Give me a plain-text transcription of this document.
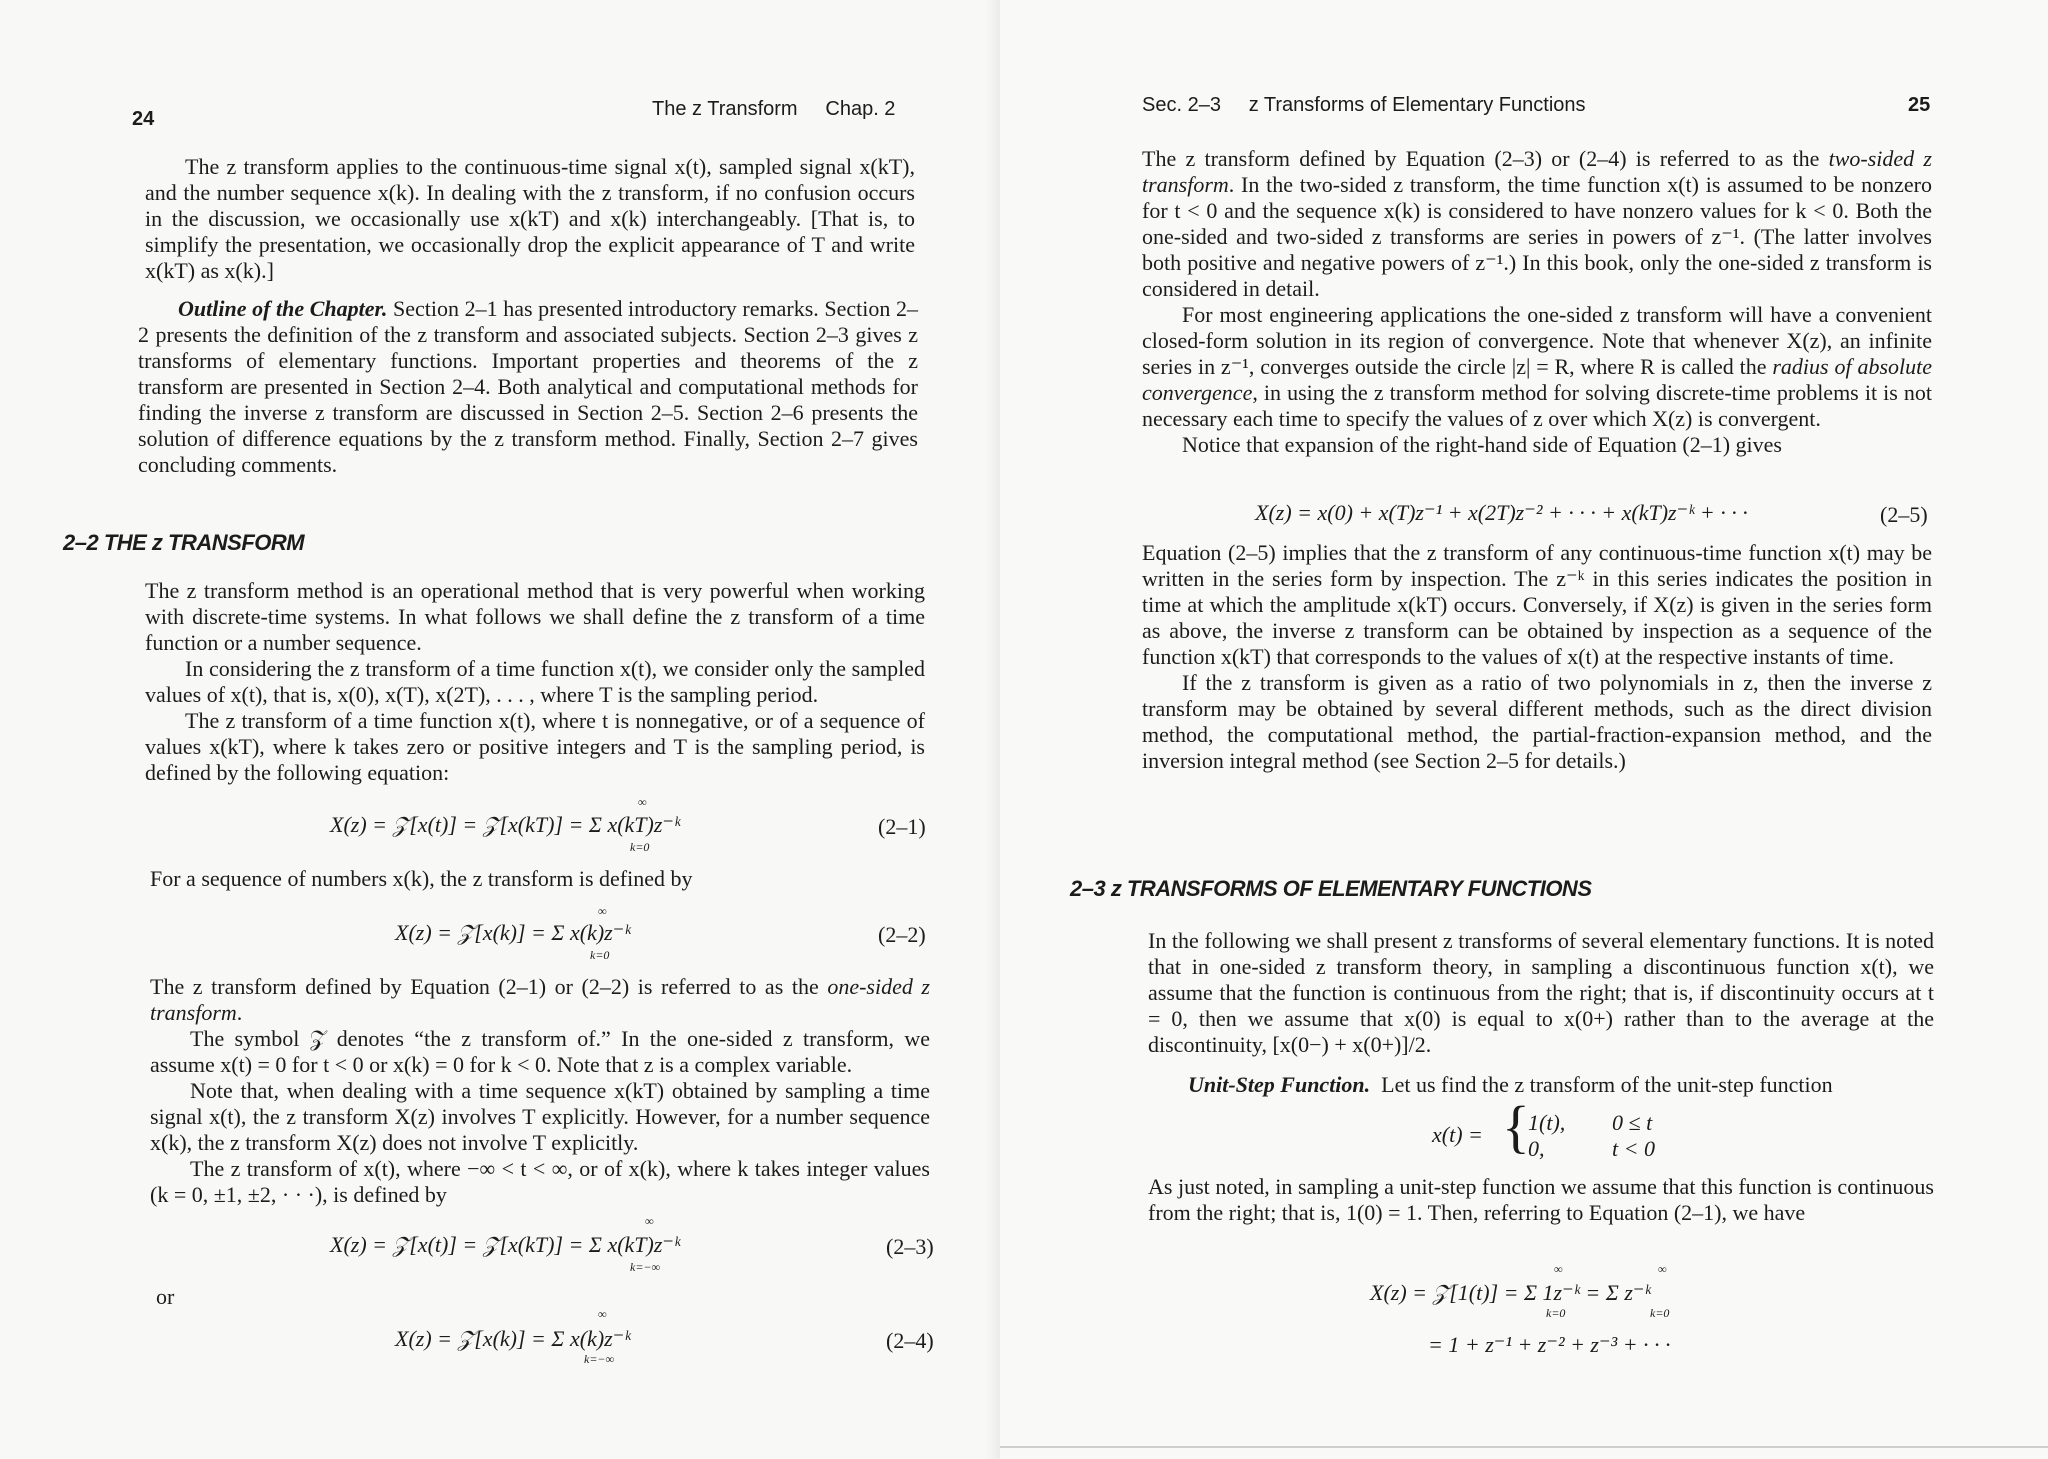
24	The z Transform     Chap. 2

The z transform applies to the continuous-time signal x(t), sampled signal x(kT), and the number sequence x(k). In dealing with the z transform, if no confusion occurs in the discussion, we occasionally use x(kT) and x(k) interchangeably. [That is, to simplify the presentation, we occasionally drop the explicit appearance of T and write x(kT) as x(k).]

Outline of the Chapter. Section 2–1 has presented introductory remarks. Section 2–2 presents the definition of the z transform and associated subjects. Section 2–3 gives z transforms of elementary functions. Important properties and theorems of the z transform are presented in Section 2–4. Both analytical and computational methods for finding the inverse z transform are discussed in Section 2–5. Section 2–6 presents the solution of difference equations by the z transform method. Finally, Section 2–7 gives concluding comments.

2–2 THE z TRANSFORM

The z transform method is an operational method that is very powerful when working with discrete-time systems. In what follows we shall define the z transform of a time function or a number sequence.

In considering the z transform of a time function x(t), we consider only the sampled values of x(t), that is, x(0), x(T), x(2T), . . . , where T is the sampling period.

The z transform of a time function x(t), where t is nonnegative, or of a sequence of values x(kT), where k takes zero or positive integers and T is the sampling period, is defined by the following equation:

X(z) = 𝒵[x(t)] = 𝒵[x(kT)] = Σ x(kT)z⁻ᵏ
∞
k=0
(2–1)
For a sequence of numbers x(k), the z transform is defined by
X(z) = 𝒵[x(k)] = Σ x(k)z⁻ᵏ
∞
k=0
(2–2)

The z transform defined by Equation (2–1) or (2–2) is referred to as the one-sided z transform.

The symbol 𝒵 denotes “the z transform of.” In the one-sided z transform, we assume x(t) = 0 for t < 0 or x(k) = 0 for k < 0. Note that z is a complex variable.

Note that, when dealing with a time sequence x(kT) obtained by sampling a time signal x(t), the z transform X(z) involves T explicitly. However, for a number sequence x(k), the z transform X(z) does not involve T explicitly.

The z transform of x(t), where −∞ < t < ∞, or of x(k), where k takes integer values (k = 0, ±1, ±2, · · ·), is defined by

X(z) = 𝒵[x(t)] = 𝒵[x(kT)] = Σ x(kT)z⁻ᵏ
∞
k=−∞
(2–3)
or
X(z) = 𝒵[x(k)] = Σ x(k)z⁻ᵏ
∞
k=−∞
(2–4)
Sec. 2–3     z Transforms of Elementary Functions	25

The z transform defined by Equation (2–3) or (2–4) is referred to as the two-sided z transform. In the two-sided z transform, the time function x(t) is assumed to be nonzero for t < 0 and the sequence x(k) is considered to have nonzero values for k < 0. Both the one-sided and two-sided z transforms are series in powers of z⁻¹. (The latter involves both positive and negative powers of z⁻¹.) In this book, only the one-sided z transform is considered in detail.

For most engineering applications the one-sided z transform will have a convenient closed-form solution in its region of convergence. Note that whenever X(z), an infinite series in z⁻¹, converges outside the circle |z| = R, where R is called the radius of absolute convergence, in using the z transform method for solving discrete-time problems it is not necessary each time to specify the values of z over which X(z) is convergent.

Notice that expansion of the right-hand side of Equation (2–1) gives

X(z) = x(0) + x(T)z⁻¹ + x(2T)z⁻² + · · · + x(kT)z⁻ᵏ + · · ·	(2–5)

Equation (2–5) implies that the z transform of any continuous-time function x(t) may be written in the series form by inspection. The z⁻ᵏ in this series indicates the position in time at which the amplitude x(kT) occurs. Conversely, if X(z) is given in the series form as above, the inverse z transform can be obtained by inspection as a sequence of the function x(kT) that corresponds to the values of x(t) at the respective instants of time.

If the z transform is given as a ratio of two polynomials in z, then the inverse z transform may be obtained by several different methods, such as the direct division method, the computational method, the partial-fraction-expansion method, and the inversion integral method (see Section 2–5 for details.)

2–3 z TRANSFORMS OF ELEMENTARY FUNCTIONS
In the following we shall present z transforms of several elementary functions. It is noted that in one-sided z transform theory, in sampling a discontinuous function x(t), we assume that the function is continuous from the right; that is, if discontinuity occurs at t = 0, then we assume that x(0) is equal to x(0+) rather than to the average at the discontinuity, [x(0−) + x(0+)]/2.

Unit-Step Function. Let us find the z transform of the unit-step function

x(t) = {
1(t), 0 ≤ t
0,	t < 0
As just noted, in sampling a unit-step function we assume that this function is continuous from the right; that is, 1(0) = 1. Then, referring to Equation (2–1), we have
X(z) = 𝒵[1(t)] = Σ 1z⁻ᵏ = Σ z⁻ᵏ
∞
k=0
∞
k=0
= 1 + z⁻¹ + z⁻² + z⁻³ + · · ·
